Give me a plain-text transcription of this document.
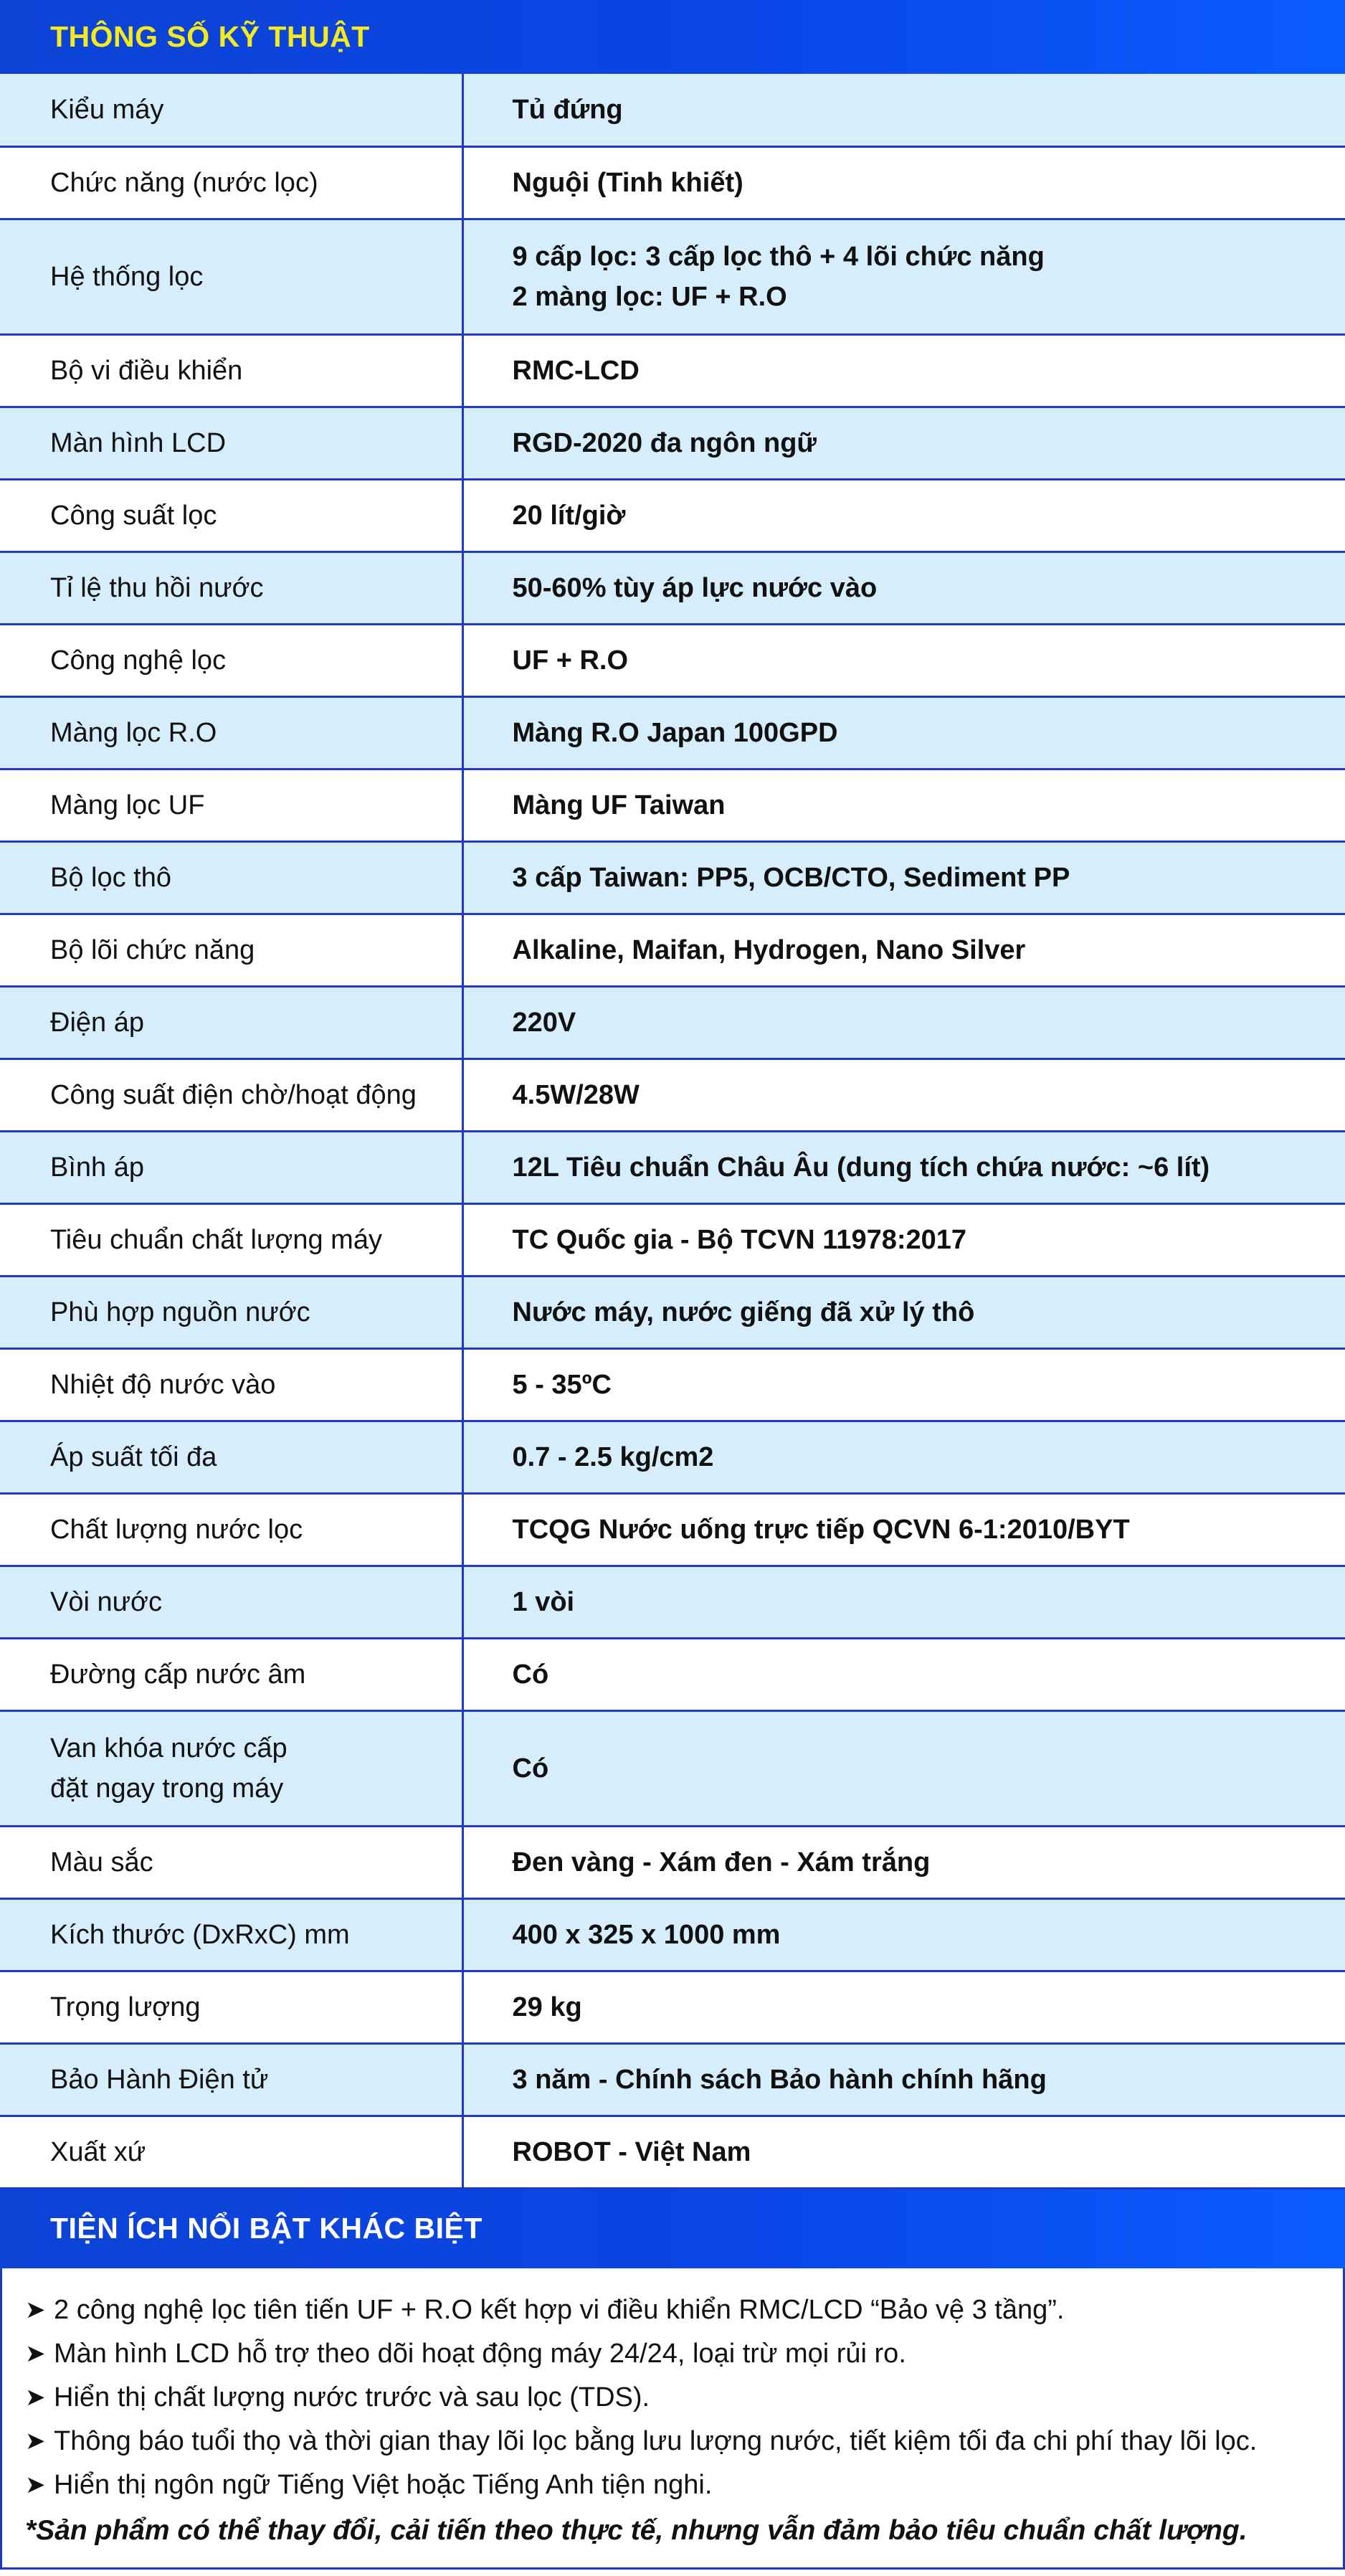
THÔNG SỐ KỸ THUẬT
Kiểu máy	Tủ đứng
Chức năng (nước lọc)	Nguội (Tinh khiết)
Hệ thống lọc	9 cấp lọc: 3 cấp lọc thô + 4 lõi chức năng
2 màng lọc: UF + R.O
Bộ vi điều khiển	RMC-LCD
Màn hình LCD	RGD-2020 đa ngôn ngữ
Công suất lọc	20 lít/giờ
Tỉ lệ thu hồi nước	50-60% tùy áp lực nước vào
Công nghệ lọc	UF + R.O
Màng lọc R.O	Màng R.O Japan 100GPD
Màng lọc UF	Màng UF Taiwan
Bộ lọc thô	3 cấp Taiwan: PP5, OCB/CTO, Sediment PP
Bộ lõi chức năng	Alkaline, Maifan, Hydrogen, Nano Silver
Điện áp	220V
Công suất điện chờ/hoạt động	4.5W/28W
Bình áp	12L Tiêu chuẩn Châu Âu (dung tích chứa nước: ~6 lít)
Tiêu chuẩn chất lượng máy	TC Quốc gia - Bộ TCVN 11978:2017
Phù hợp nguồn nước	Nước máy, nước giếng đã xử lý thô
Nhiệt độ nước vào	5 - 35ºC
Áp suất tối đa	0.7 - 2.5 kg/cm2
Chất lượng nước lọc	TCQG Nước uống trực tiếp QCVN 6-1:2010/BYT
Vòi nước	1 vòi
Đường cấp nước âm	Có
Van khóa nước cấp
đặt ngay trong máy	Có
Màu sắc	Đen vàng - Xám đen - Xám trắng
Kích thước (DxRxC) mm	400 x 325 x 1000 mm
Trọng lượng	29 kg
Bảo Hành Điện tử	3 năm - Chính sách Bảo hành chính hãng
Xuất xứ	ROBOT - Việt Nam
TIỆN ÍCH NỔI BẬT KHÁC BIỆT
➤ 2 công nghệ lọc tiên tiến UF + R.O kết hợp vi điều khiển RMC/LCD “Bảo vệ 3 tầng”.
➤ Màn hình LCD hỗ trợ theo dõi hoạt động máy 24/24, loại trừ mọi rủi ro.
➤ Hiển thị chất lượng nước trước và sau lọc (TDS).
➤ Thông báo tuổi thọ và thời gian thay lõi lọc bằng lưu lượng nước, tiết kiệm tối đa chi phí thay lõi lọc.
➤ Hiển thị ngôn ngữ Tiếng Việt hoặc Tiếng Anh tiện nghi.
*Sản phẩm có thể thay đổi, cải tiến theo thực tế, nhưng vẫn đảm bảo tiêu chuẩn chất lượng.
